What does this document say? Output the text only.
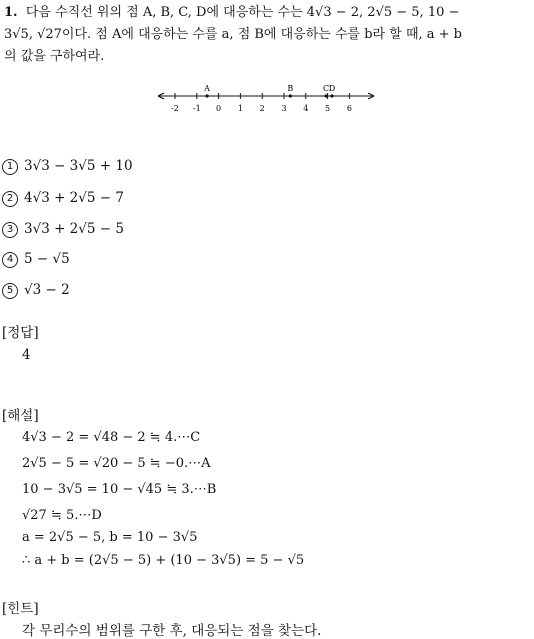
1. 다음 수직선 위의 점 A, B, C, D에 대응하는 수는 4√3 − 2, 2√5 − 5, 10 −
3√5, √27이다. 점 A에 대응하는 수를 a, 점 B에 대응하는 수를 b라 할 때, a + b
의 값을 구하여라.
-2 -1 0 1 2 3 4 5 6
A	B	C D
1 3√3 − 3√5 + 10
2 4√3 + 2√5 − 7
3 3√3 + 2√5 − 5
4 5 − √5
5 √3 − 2
[정답]
4
[해설]
4√3 − 2 = √48 − 2 ≒ 4.⋯C
2√5 − 5 = √20 − 5 ≒ −0.⋯A
10 − 3√5 = 10 − √45 ≒ 3.⋯B
√27 ≒ 5.⋯D
a = 2√5 − 5, b = 10 − 3√5
∴ a + b = (2√5 − 5) + (10 − 3√5) = 5 − √5
[힌트]
각 무리수의 범위를 구한 후, 대응되는 점을 찾는다.
